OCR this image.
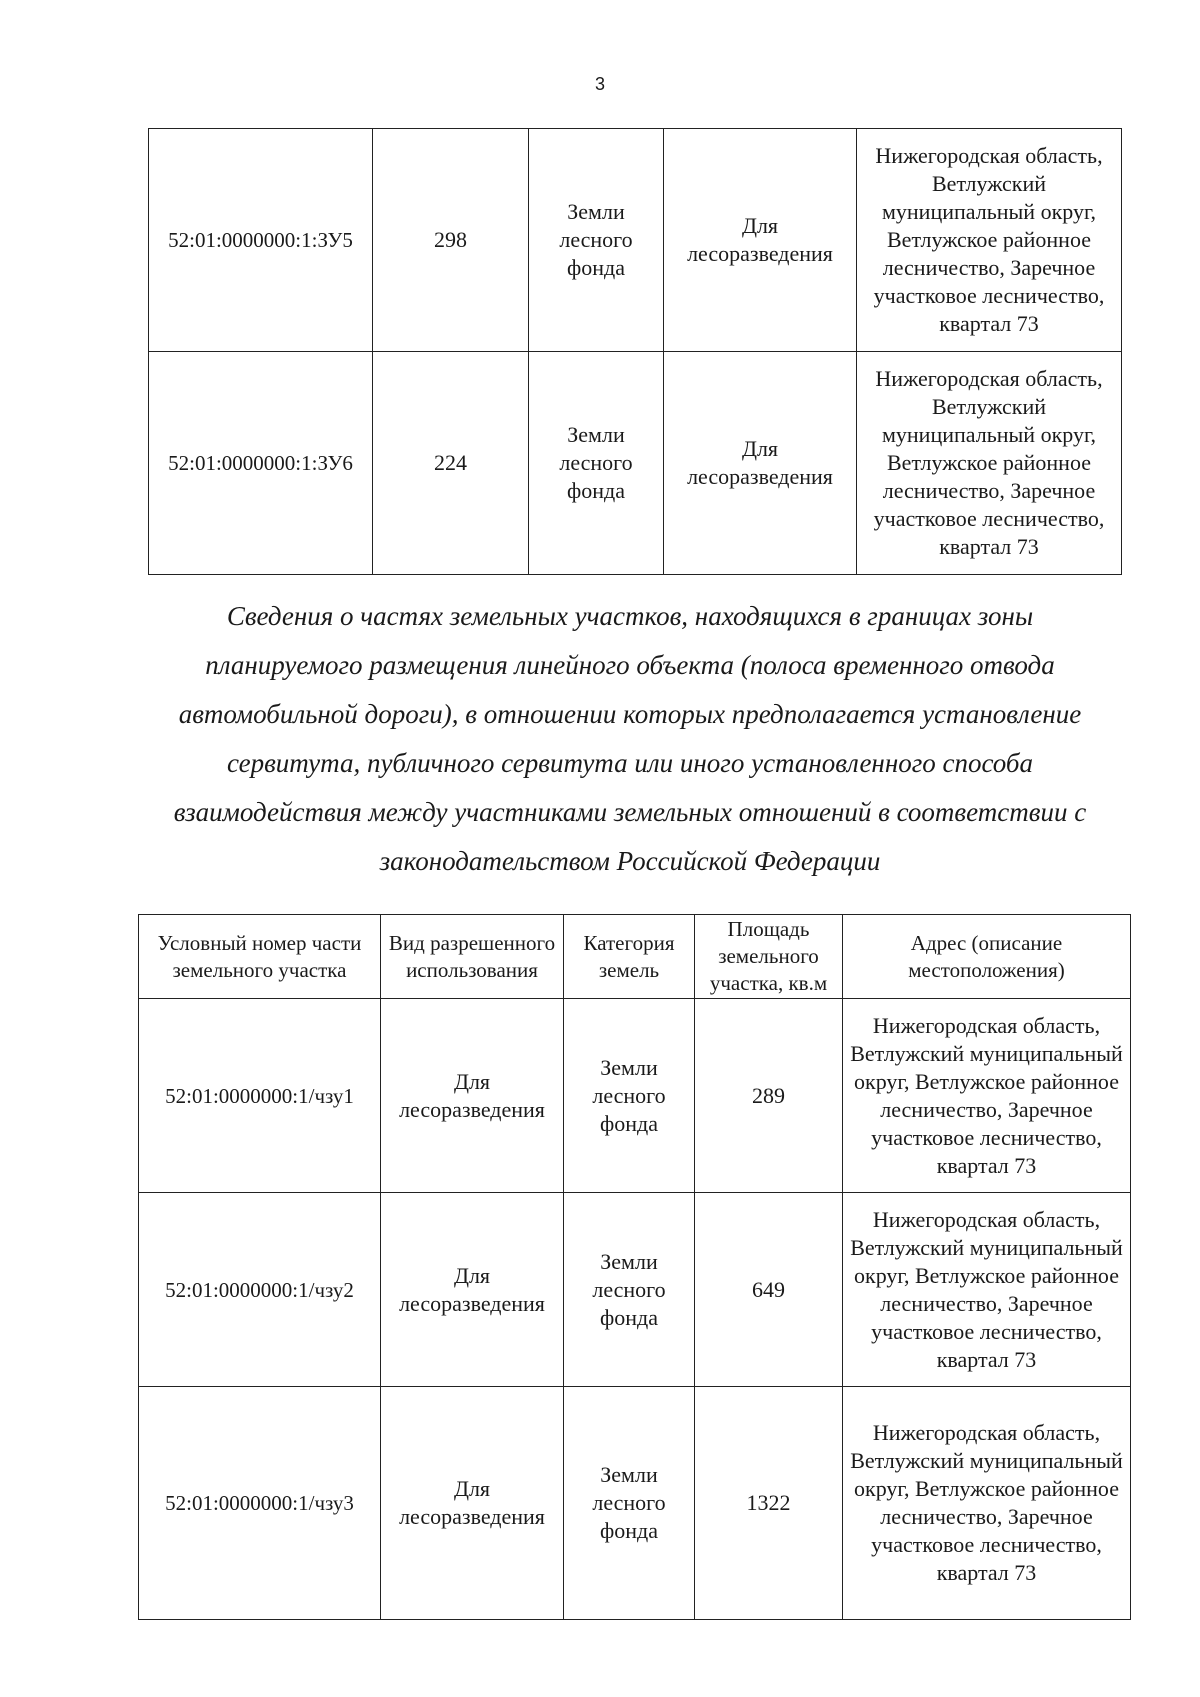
3
52:01:0000000:1:ЗУ5	298	Земли лесного фонда	Для лесоразведения	Нижегородская область, Ветлужский муниципальный округ, Ветлужское районное лесничество, Заречное участковое лесничество, квартал 73
52:01:0000000:1:ЗУ6	224	Земли лесного фонда	Для лесоразведения	Нижегородская область, Ветлужский муниципальный округ, Ветлужское районное лесничество, Заречное участковое лесничество, квартал 73
Сведения о частях земельных участков, находящихся в границах зоны планируемого размещения линейного объекта (полоса временного отвода автомобильной дороги), в отношении которых предполагается установление сервитута, публичного сервитута или иного установленного способа взаимодействия между участниками земельных отношений в соответствии с законодательством Российской Федерации
Условный номер части земельного участка	Вид разрешенного использования	Категория земель	Площадь земельного участка, кв.м	Адрес (описание местоположения)
52:01:0000000:1/чзу1	Для лесоразведения	Земли лесного фонда	289	Нижегородская область, Ветлужский муниципальный округ, Ветлужское районное лесничество, Заречное участковое лесничество, квартал 73
52:01:0000000:1/чзу2	Для лесоразведения	Земли лесного фонда	649	Нижегородская область, Ветлужский муниципальный округ, Ветлужское районное лесничество, Заречное участковое лесничество, квартал 73
52:01:0000000:1/чзу3	Для лесоразведения	Земли лесного фонда	1322	Нижегородская область, Ветлужский муниципальный округ, Ветлужское районное лесничество, Заречное участковое лесничество, квартал 73
